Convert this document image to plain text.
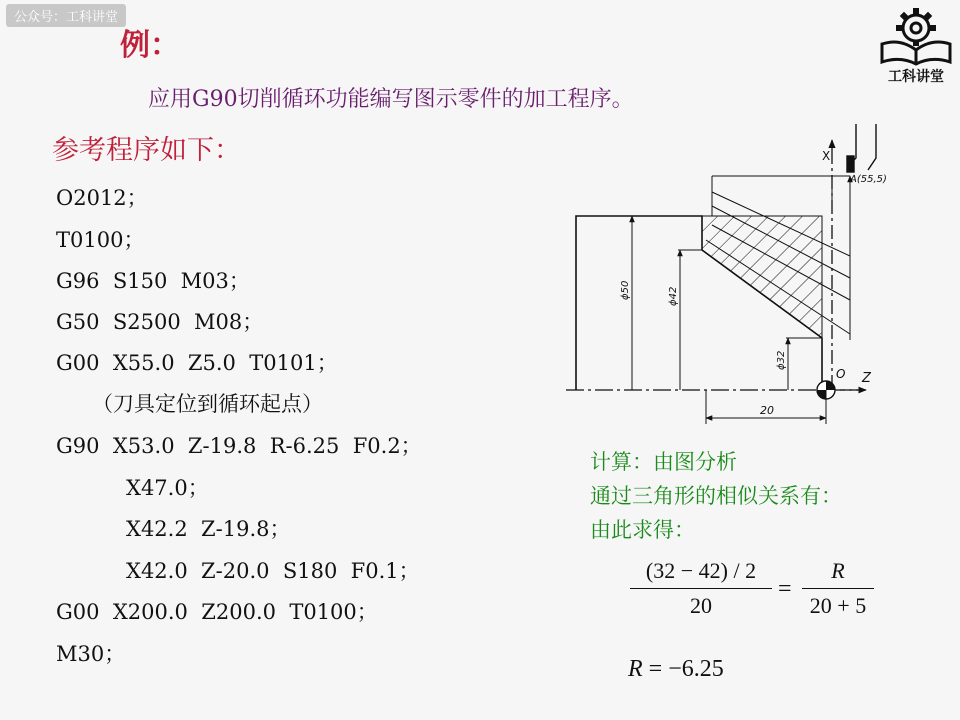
公众号：工科讲堂
工科讲堂
例：
应用G90切削循环功能编写图示零件的加工程序。
参考程序如下：
O2012；
T0100；
G96  S150  M03；
G50  S2500  M08；
G00  X55.0  Z5.0  T0101；
（刀具定位到循环起点）
G90  X53.0  Z-19.8  R-6.25  F0.2；
X47.0；
X42.2  Z-19.8；
X42.0  Z-20.0  S180  F0.1；
G00  X200.0  Z200.0  T0100；
M30；
X
Z
O
A(55,5)
ϕ50	ϕ42
ϕ32
20
计算：由图分析
通过三角形的相似关系有：
由此求得：
$\frac{(32 - 42) / 2}{20} = \frac{R}{20 + 5}$
R = −6.25
